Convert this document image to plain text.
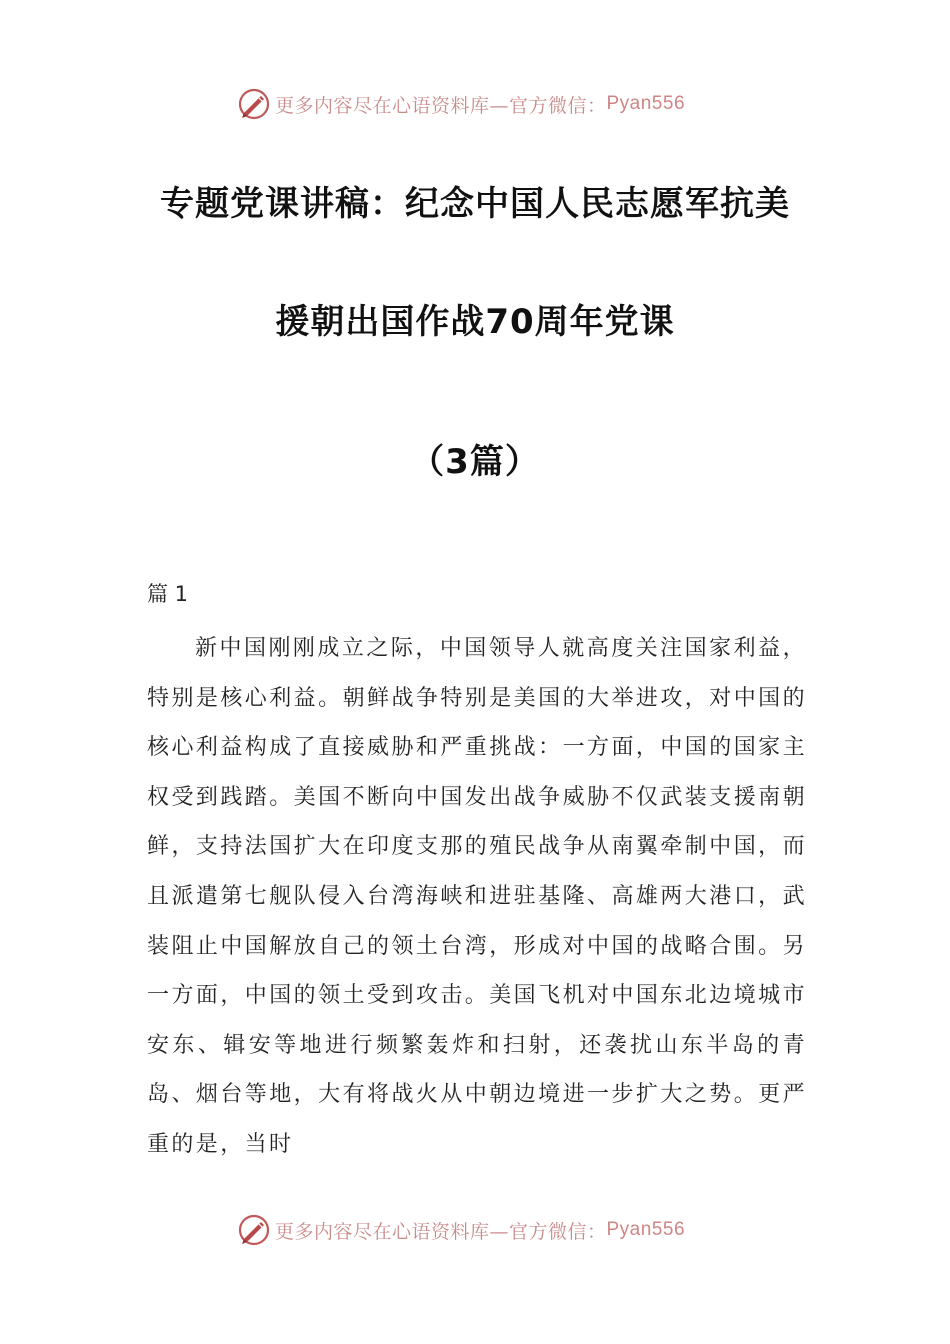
更多内容尽在心语资料库—官方微信： Pyan556
专题党课讲稿：纪念中国人民志愿军抗美
援朝出国作战70周年党课
（3篇）
篇 1

新中国刚刚成立之际，中国领导人就高度关注国家利益，特别是核心利益。朝鲜战争特别是美国的大举进攻，对中国的核心利益构成了直接威胁和严重挑战：一方面，中国的国家主权受到践踏。美国不断向中国发出战争威胁不仅武装支援南朝鲜，支持法国扩大在印度支那的殖民战争从南翼牵制中国，而且派遣第七舰队侵入台湾海峡和进驻基隆、高雄两大港口，武装阻止中国解放自己的领土台湾，形成对中国的战略合围。另一方面，中国的领土受到攻击。美国飞机对中国东北边境城市安东、辑安等地进行频繁轰炸和扫射，还袭扰山东半岛的青岛、烟台等地，大有将战火从中朝边境进一步扩大之势。更严重的是，当时

更多内容尽在心语资料库—官方微信： Pyan556
